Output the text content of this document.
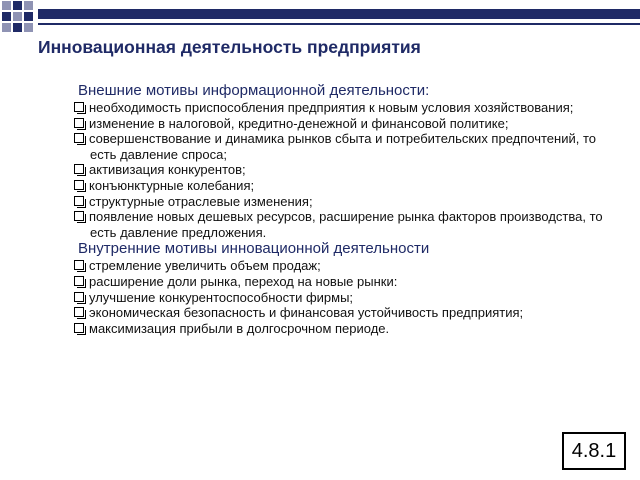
Инновационная деятельность предприятия
Внешние мотивы информационной деятельности:
необходимость приспособления предприятия к новым условия хозяйствования;
изменение в налоговой, кредитно-денежной и финансовой политике;
совершенствование и динамика рынков сбыта и потребительских предпочтений, то есть давление спроса;
активизация конкурентов;
конъюнктурные колебания;
структурные отраслевые изменения;
появление новых дешевых ресурсов, расширение рынка факторов производства, то есть давление предложения.
Внутренние мотивы инновационной деятельности
стремление увеличить объем продаж;
расширение доли рынка, переход на новые рынки:
улучшение конкурентоспособности фирмы;
экономическая безопасность и финансовая устойчивость предприятия;
максимизация прибыли в долгосрочном периоде.
4.8.1
